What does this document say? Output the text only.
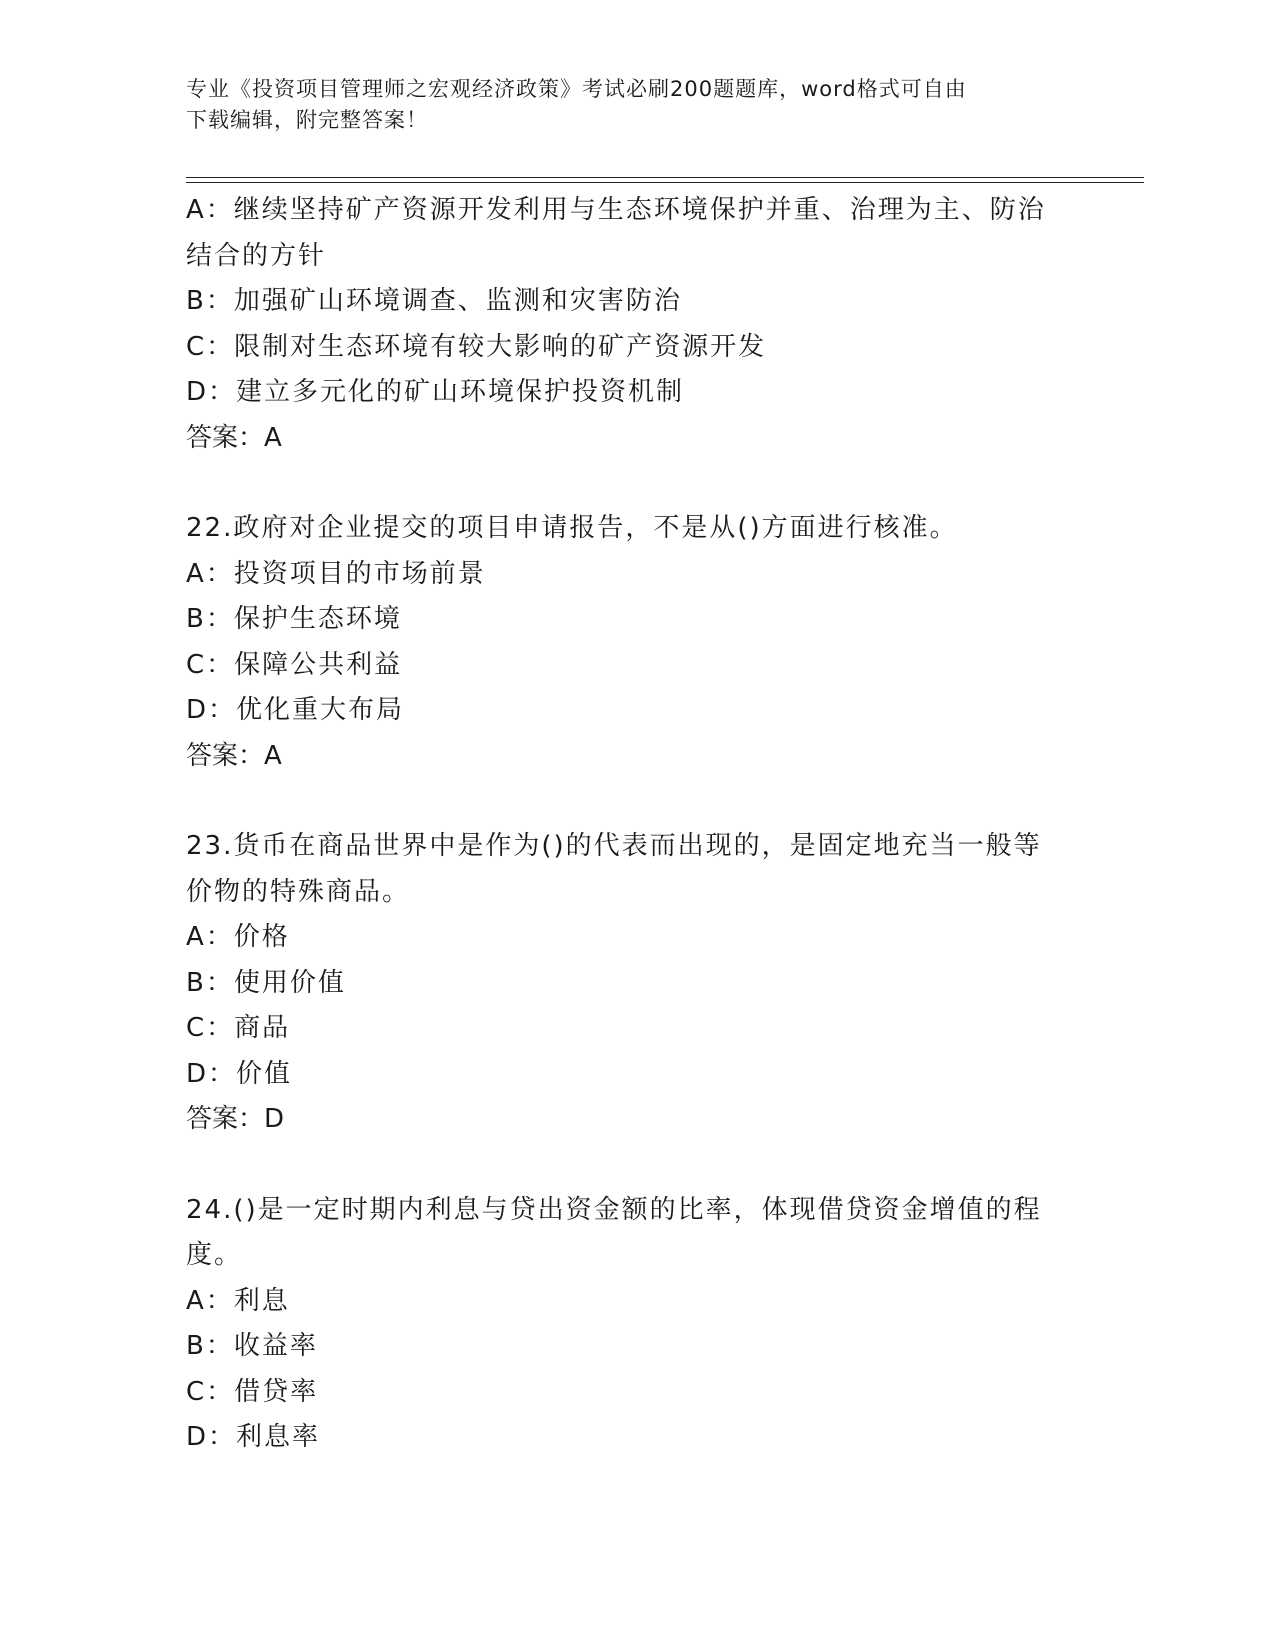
专业《投资项目管理师之宏观经济政策》考试必刷200题题库，word格式可自由
下载编辑，附完整答案！
A：继续坚持矿产资源开发利用与生态环境保护并重、治理为主、防治
结合的方针
B：加强矿山环境调查、监测和灾害防治
C：限制对生态环境有较大影响的矿产资源开发
D：建立多元化的矿山环境保护投资机制
答案：A
22.政府对企业提交的项目申请报告，不是从()方面进行核准。
A：投资项目的市场前景
B：保护生态环境
C：保障公共利益
D：优化重大布局
答案：A
23.货币在商品世界中是作为()的代表而出现的，是固定地充当一般等
价物的特殊商品。
A：价格
B：使用价值
C：商品
D：价值
答案：D
24.()是一定时期内利息与贷出资金额的比率，体现借贷资金增值的程
度。
A：利息
B：收益率
C：借贷率
D：利息率
